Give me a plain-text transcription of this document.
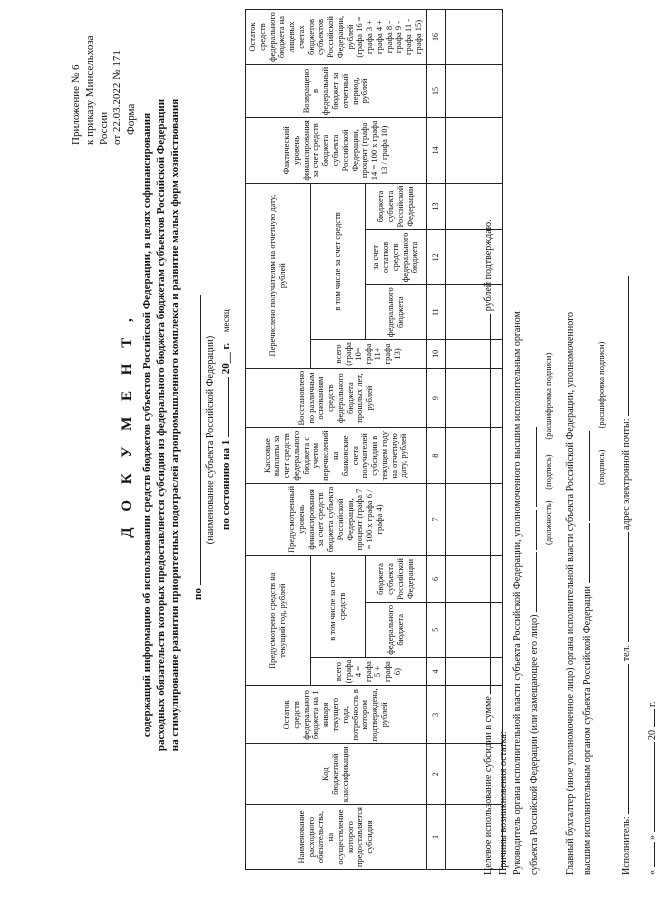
Приложение № 6 к приказу Минсельхоза России от 22.03.2022 № 171 Форма
Д О К У М Е Н Т , содержащий информацию об использовании средств бюджетов субъектов Российской Федерации, в целях софинансирования расходных обязательств которых предоставляется субсидия из федерального бюджета бюджетам субъектов Российской Федерации на стимулирование развития приоритетных подотраслей агропромышленного комплекса и развитие малых форм хозяйствования по
(наименование субъекта Российской Федерации) по состоянию на 1  20__ г. месяц
Наименование расходного обязательства, на осуществление которого предоставляется субсидия	Код бюджетной классификации	Остаток средств федерального бюджета на 1 января текущего года, потребность в котором подтверждена, рублей	Предусмотрено средств на текущий год, рублей			Предусмотренный уровень финансирования за счет средств бюджета субъекта Российской Федерации, процент (графа 7 = 100 x графа 6 / графа 4)	Кассовые выплаты за счет средств федерального бюджета с учетом перечислений на банковские счета получателей субсидии в текущем году на отчетную дату, рублей	Восстановлено по различным основаниям средств федерального бюджета прошлых лет, рублей	Перечислено получателям на отчетную дату, рублей				Фактический уровень финансирования за счет средств бюджета субъекта Российской Федерации, процент (графа 14 = 100 x графа 13 / графа 10)	Возвращено в федеральный бюджет за отчетный период, рублей	Остаток средств федерального бюджета на лицевых счетах бюджетов субъектов Российской Федерации, рублей (графа 16 = графа 3 + графа 4 + графа 8 - графа 9 - графа 11 - графа 15)
			всего (графа 4 = графа 5 + графа 6)	в том числе за счет средств					всего (графа 10= графа 11+ графа 13)	в том числе за счет средств					
				федерального бюджета	бюджета субъекта Российской Федерации					федерального бюджета	за счет остатков средств федерального бюджета	бюджета субъекта Российской Федерации			
1	2	3	4	5	6	7	8	9	10	11	12	13	14	15	16

Целевое использование субсидии в сумме  рублей подтверждаю.
Причины возникновения остатка: Руководитель органа исполнительной власти субъекта Российской Федерации, уполномоченного высшим исполнительным органом субъекта Российской Федерации (или замещающее его лицо)
(должность)     (подпись)       (расшифровка подписи) Главный бухгалтер (иное уполномоченное лицо) органа исполнительной власти субъекта Российской Федерации, уполномоченного высшим исполнительным органом субъекта Российской Федерации
(подпись)          (расшифровка подписи)
Исполнитель:  тел.  адрес электронной почты:
«  »  20  г.
